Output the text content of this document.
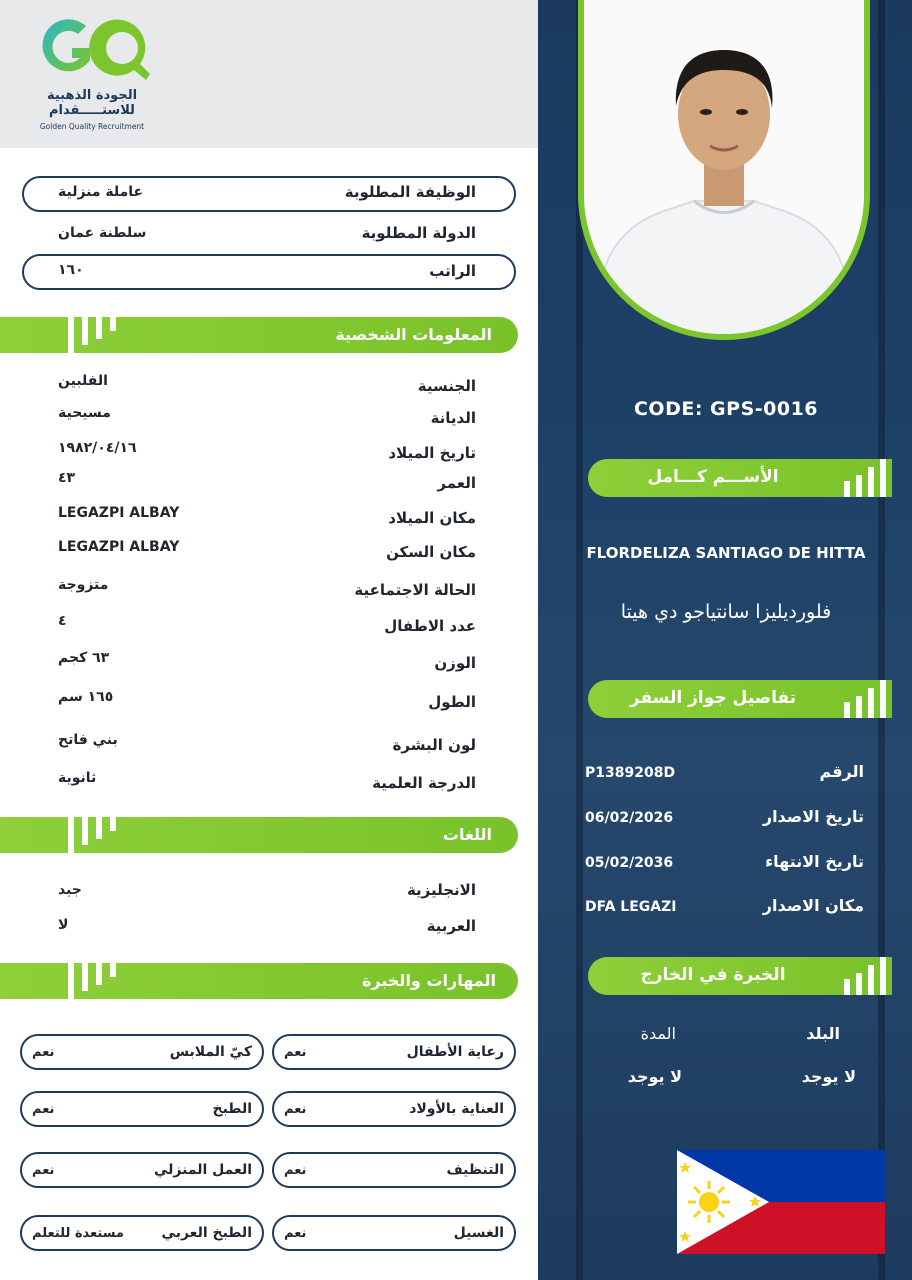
الجودة الذهبية
للاستـــــقدام
Golden Quality Recruitment
الوظيفة المطلوبة
عاملة منزلية
الدولة المطلوبة
سلطنة عمان
الراتب
١٦٠
المعلومات الشخصية
الجنسية
الفلبين
الديانة
مسيحية
تاريخ الميلاد
١٩٨٢/٠٤/١٦
العمر
٤٣
مكان الميلاد
LEGAZPI ALBAY
مكان السكن
LEGAZPI ALBAY
الحالة الاجتماعية
متزوجة
عدد الاطفال
٤
الوزن
٦٣ كجم
الطول
١٦٥ سم
لون البشرة
بني فاتح
الدرجة العلمية
ثانوية
اللغات
الانجليزية
جيد
العربية
لا
المهارات والخبرة
رعاية الأطفال
نعم
كيّ الملابس
نعم
العناية بالأولاد
نعم
الطبخ
نعم
التنظيف
نعم
العمل المنزلي
نعم
الغسيل
نعم
الطبخ العربي
مستعدة للتعلم
CODE: GPS-0016
الأســـم كـــامل
FLORDELIZA SANTIAGO DE HITTA
فلورديليزا سانتياجو دي هيتا
تفاصيل جواز السفر
الرقم
P1389208D
تاريخ الاصدار
06/02/2026
تاريخ الانتهاء
05/02/2036
مكان الاصدار
DFA LEGAZI
الخبرة في الخارج
البلد
المدة
لا يوجد
لا يوجد
